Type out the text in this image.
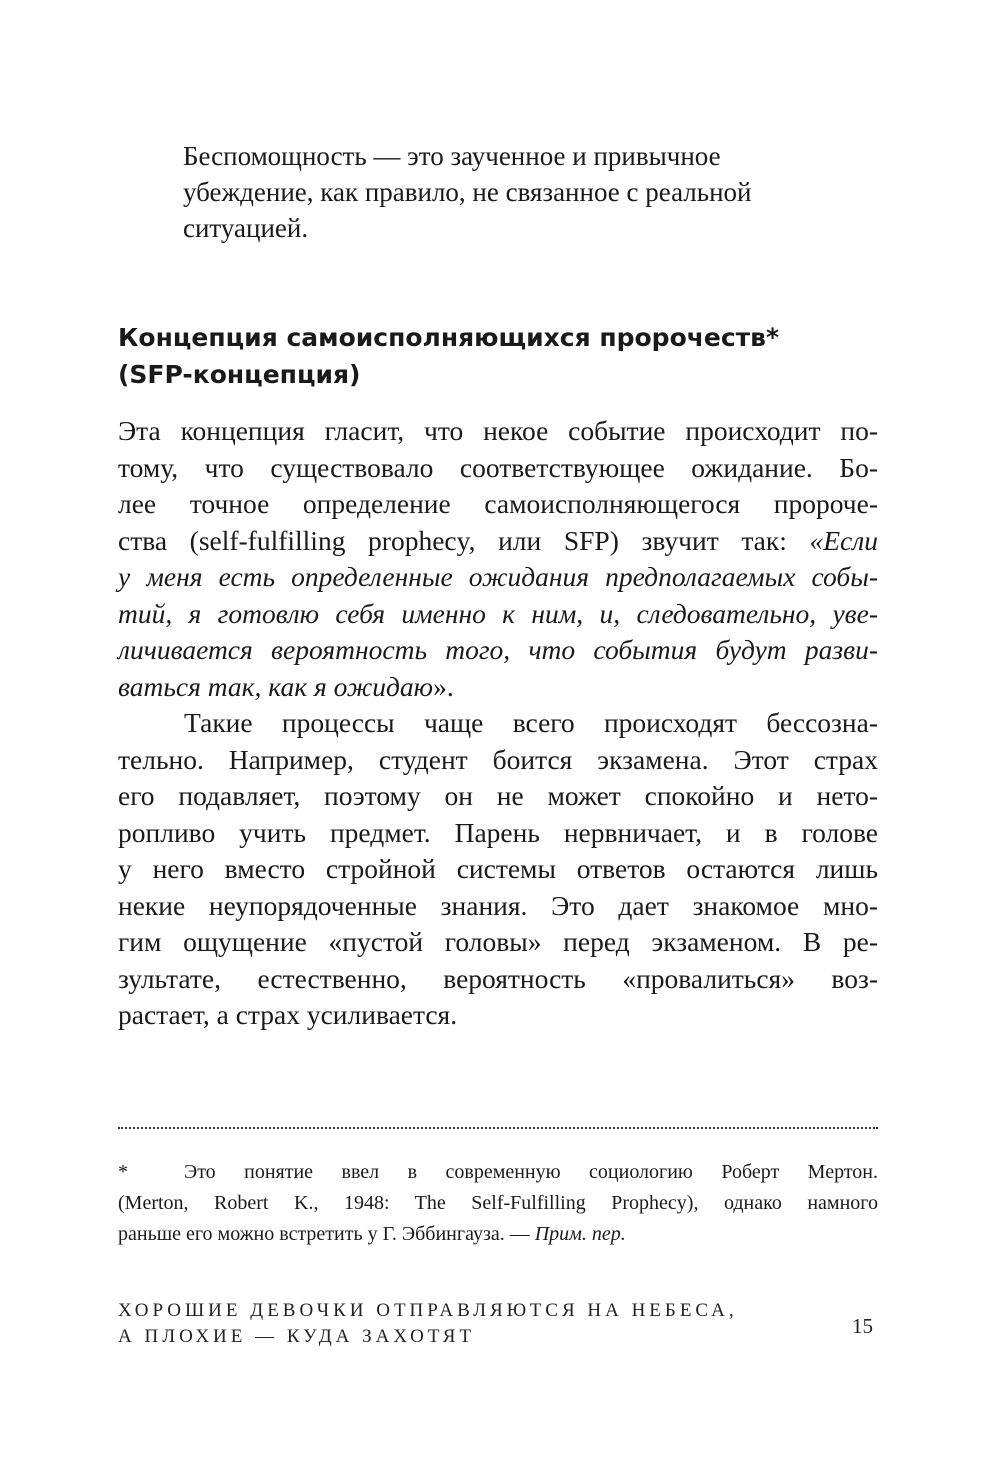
Беспомощность — это заученное и привычное
убеждение, как правило, не связанное с реальной
ситуацией.
Концепция самоисполняющихся пророчеств*
(SFP-концепция)
Эта концепция гласит, что некое событие происходит по-
тому, что существовало соответствующее ожидание. Бо-
лее точное определение самоисполняющегося пророче-
ства (self-fulfilling prophecy, или SFP) звучит так: «Если
у меня есть определенные ожидания предполагаемых собы-
тий, я готовлю себя именно к ним, и, следовательно, уве-
личивается вероятность того, что события будут разви-
ваться так, как я ожидаю».
Такие процессы чаще всего происходят бессозна-
тельно. Например, студент боится экзамена. Этот страх
его подавляет, поэтому он не может спокойно и нето-
ропливо учить предмет. Парень нервничает, и в голове
у него вместо стройной системы ответов остаются лишь
некие неупорядоченные знания. Это дает знакомое мно-
гим ощущение «пустой головы» перед экзаменом. В ре-
зультате, естественно, вероятность «провалиться» воз-
растает, а страх усиливается.
*	Это понятие ввел в современную социологию Роберт Мертон.
(Merton, Robert K., 1948: The Self-Fulfilling Prophecy), однако намного
раньше его можно встретить у Г. Эббингауза. — Прим. пер.
ХОРОШИЕ ДЕВОЧКИ ОТПРАВЛЯЮТСЯ НА НЕБЕСА,
А ПЛОХИЕ — КУДА ЗАХОТЯТ	15
